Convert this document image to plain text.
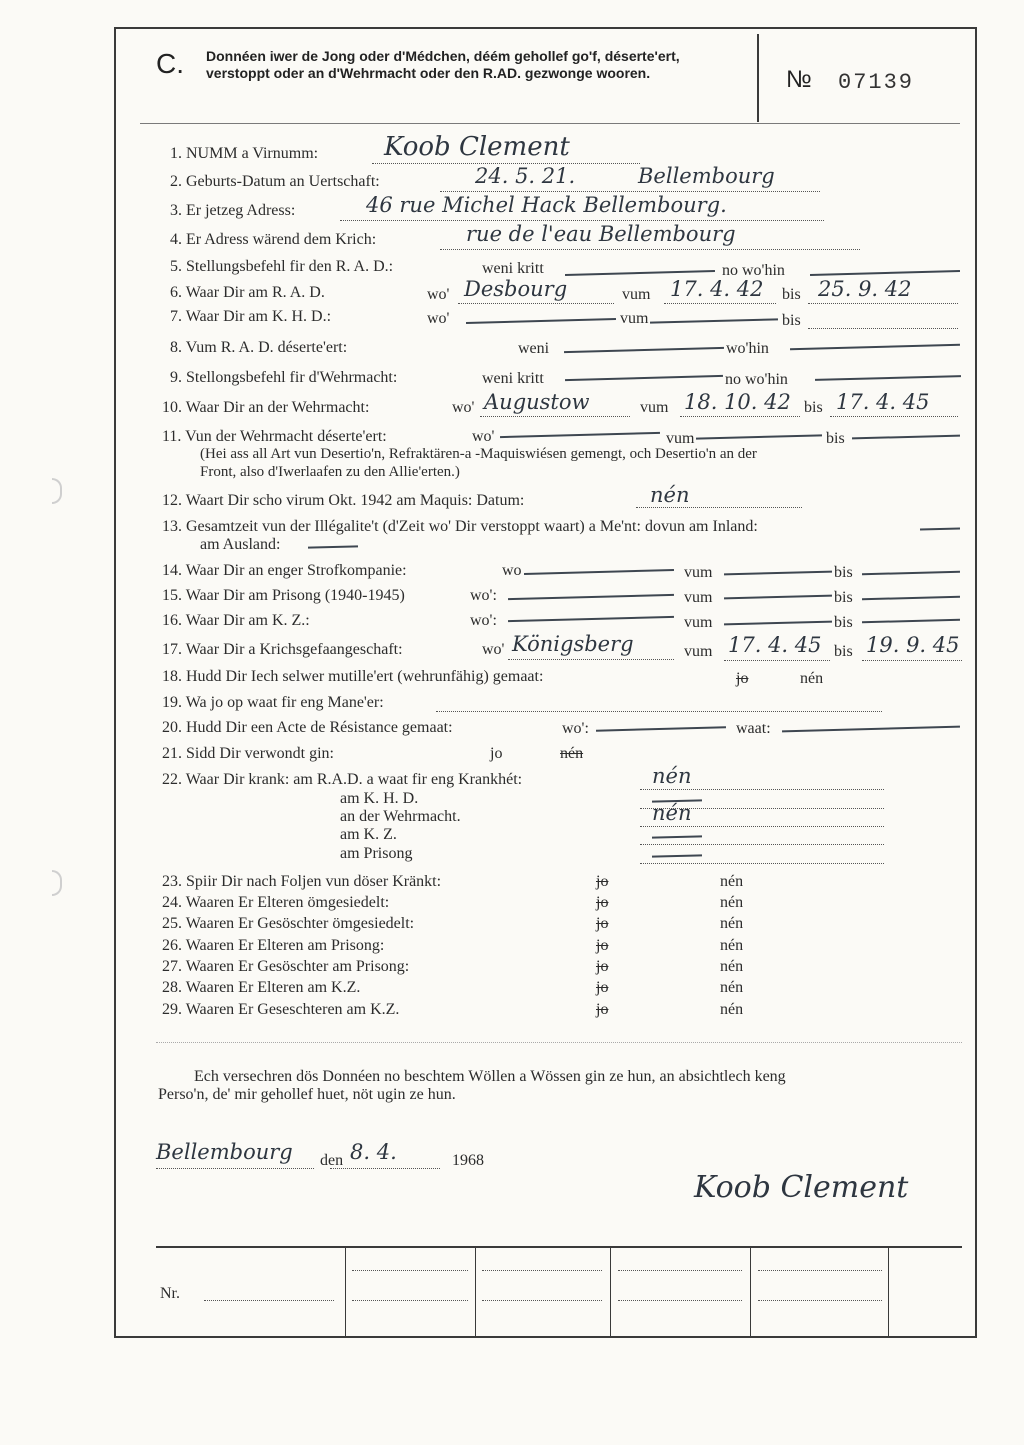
C. Donnéen iwer de Jong oder d'Médchen, déém gehollef go'f, déserte'ert, verstoppt oder an d'Wehrmacht oder den R.AD. gezwonge wooren.	№ 07139
1. NUMM a Virnumm:	Koob Clement
2. Geburts-Datum an Uertschaft:	24. 5. 21.	Bellembourg
3. Er jetzeg Adress:	46 rue Michel Hack Bellembourg.
4. Er Adress wärend dem Krich:	rue de l'eau Bellembourg
5. Stellungsbefehl fir den R. A. D.:	weni kritt	no wo'hin
6. Waar Dir am R. A. D.	wo' Desbourg	vum 17. 4. 42 bis 25. 9. 42
7. Waar Dir am K. H. D.:	wo'	vum	bis
8. Vum R. A. D. déserte'ert:	weni	wo'hin
9. Stellongsbefehl fir d'Wehrmacht:	weni kritt	no wo'hin
10. Waar Dir an der Wehrmacht:	wo' Augustow	vum 18. 10. 42 bis 17. 4. 45
11. Vun der Wehrmacht déserte'ert:	wo'	vum	bis
(Hei ass all Art vun Desertio'n, Refraktären-a -Maquiswiésen gemengt, och Desertio'n an der
Front, also d'Iwerlaafen zu den Allie'erten.)
12. Waart Dir scho virum Okt. 1942 am Maquis: Datum:	nén
13. Gesamtzeit vun der Illégalite't (d'Zeit wo' Dir verstoppt waart) a Me'nt: dovun am Inland:
am Ausland:
14. Waar Dir an enger Strofkompanie:	wo	vum	bis
15. Waar Dir am Prisong (1940-1945)	wo':	vum	bis
16. Waar Dir am K. Z.:	wo':	vum	bis
17. Waar Dir a Krichsgefaangeschaft:	wo' Königsberg	vum 17. 4. 45 bis 19. 9. 45
18. Hudd Dir Iech selwer mutille'ert (wehrunfähig) gemaat:	jo	nén
19. Wa jo op waat fir eng Mane'er:
20. Hudd Dir een Acte de Résistance gemaat:	wo':	waat:
21. Sidd Dir verwondt gin:	jo	nén
22. Waar Dir krank: am R.A.D. a waat fir eng Krankhét:	nén
am K. H. D.
an der Wehrmacht.	nén
am K. Z.
am Prisong
23. Spiir Dir nach Foljen vun döser Kränkt:	jo	nén
24. Waaren Er Elteren ömgesiedelt:	jo	nén
25. Waaren Er Gesöschter ömgesiedelt:	jo	nén
26. Waaren Er Elteren am Prisong:	jo	nén
27. Waaren Er Gesöschter am Prisong:	jo	nén
28. Waaren Er Elteren am K.Z.	jo	nén
29. Waaren Er Geseschteren am K.Z.	jo	nén
Ech versechren dös Donnéen no beschtem Wöllen a Wössen gin ze hun, an absichtlech keng
Perso'n, de' mir gehollef huet, nöt ugin ze hun.
Bellembourg den 8. 4.	1968
Koob Clement
Nr.
